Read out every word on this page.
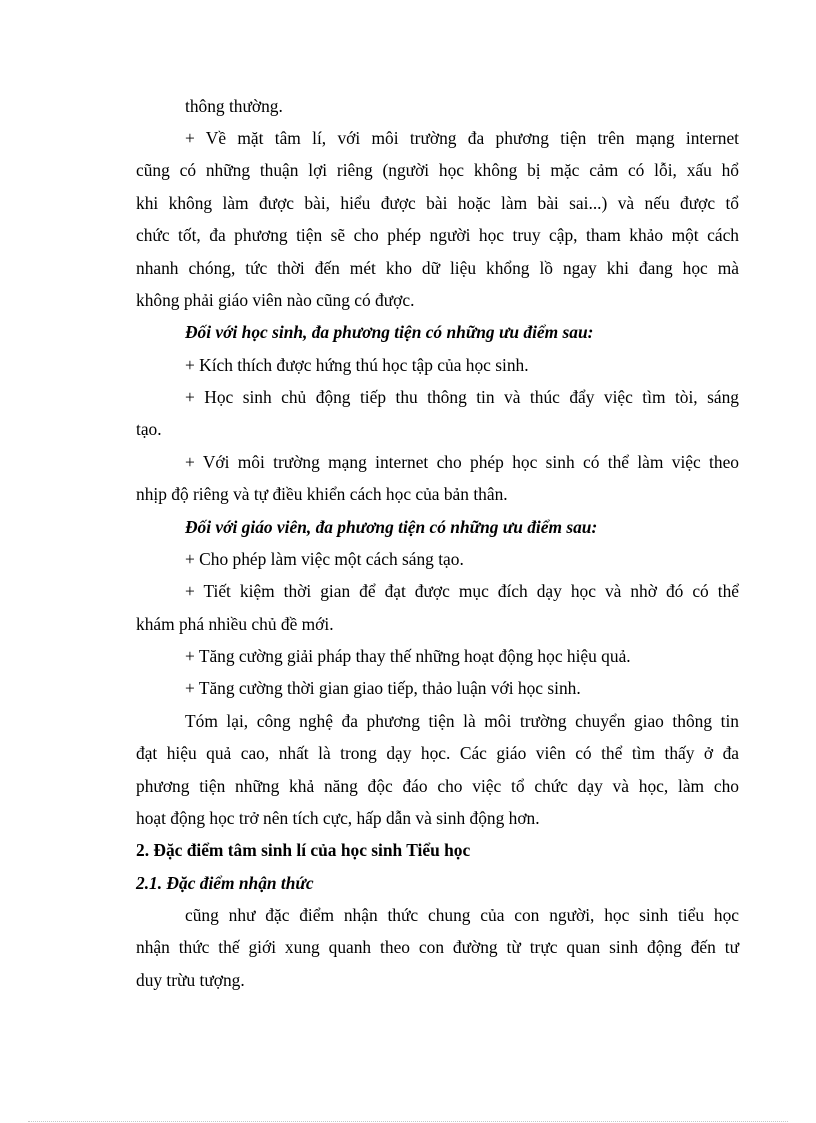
thông thường.
+ Về mặt tâm lí, với môi trường đa phương tiện trên mạng internet
cũng có những thuận lợi riêng (người học không bị mặc cảm có lỗi, xấu hổ
khi không làm được bài, hiểu được bài hoặc làm bài sai...) và nếu được tổ
chức tốt, đa phương tiện sẽ cho phép người học truy cập, tham khảo một cách
nhanh chóng, tức thời đến mét kho dữ liệu khổng lồ ngay khi đang học mà
không phải giáo viên nào cũng có được.
Đối với học sinh, đa phương tiện có những ưu điểm sau:
+ Kích thích được hứng thú học tập của học sinh.
+ Học sinh chủ động tiếp thu thông tin và thúc đẩy việc tìm tòi, sáng
tạo.
+ Với môi trường mạng internet cho phép học sinh có thể làm việc theo
nhịp độ riêng và tự điều khiển cách học của bản thân.
Đối với giáo viên, đa phương tiện có những ưu điểm sau:
+ Cho phép làm việc một cách sáng tạo.
+ Tiết kiệm thời gian để đạt được mục đích dạy học và nhờ đó có thể
khám phá nhiều chủ đề mới.
+ Tăng cường giải pháp thay thế những hoạt động học hiệu quả.
+ Tăng cường thời gian giao tiếp, thảo luận với học sinh.
Tóm lại, công nghệ đa phương tiện là môi trường chuyển giao thông tin
đạt hiệu quả cao, nhất là trong dạy học. Các giáo viên có thể tìm thấy ở đa
phương tiện những khả năng độc đáo cho việc tổ chức dạy và học, làm cho
hoạt động học trở nên tích cực, hấp dẫn và sinh động hơn.
2. Đặc điểm tâm sinh lí của học sinh Tiểu học
2.1. Đặc điểm nhận thức
cũng như đặc điểm nhận thức chung của con người, học sinh tiểu học
nhận thức thế giới xung quanh theo con đường từ trực quan sinh động đến tư
duy trừu tượng.
